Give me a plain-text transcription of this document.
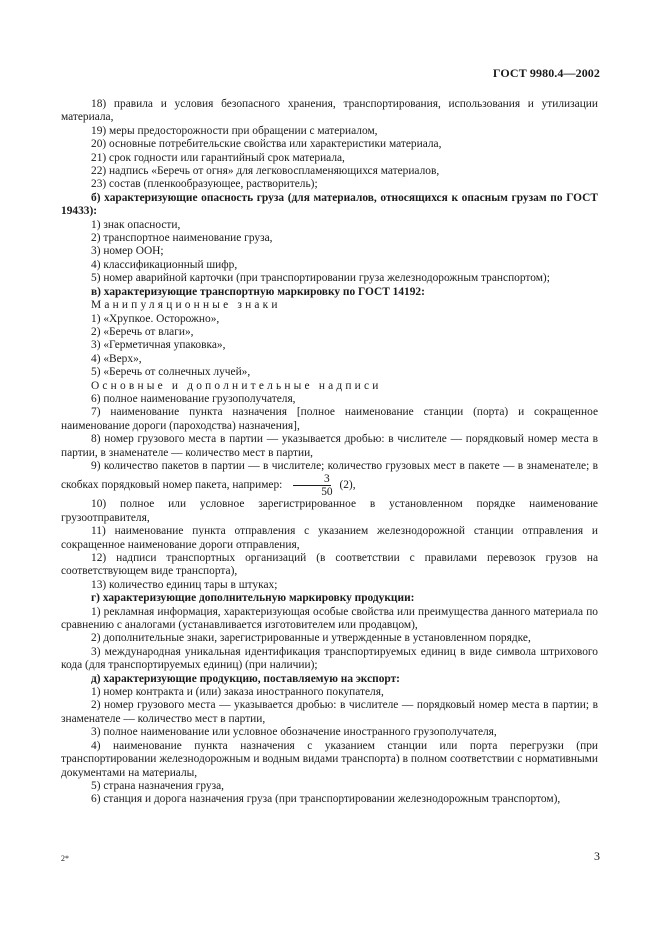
ГОСТ 9980.4—2002

18) правила и условия безопасного хранения, транспортирования, использования и утилизации материала,

19) меры предосторожности при обращении с материалом,

20) основные потребительские свойства или характеристики материала,

21) срок годности или гарантийный срок материала,

22) надпись «Беречь от огня» для легковоспламеняющихся материалов,

23) состав (пленкообразующее, растворитель);

б) характеризующие опасность груза (для материалов, относящихся к опасным грузам по ГОСТ 19433):

1) знак опасности,

2) транспортное наименование груза,

3) номер ООН;

4) классификационный шифр,

5) номер аварийной карточки (при транспортировании груза железнодорожным транспортом);

в) характеризующие транспортную маркировку по ГОСТ 14192:

Манипуляционные знаки

1) «Хрупкое. Осторожно»,

2) «Беречь от влаги»,

3) «Герметичная упаковка»,

4) «Верх»,

5) «Беречь от солнечных лучей»,

Основные и дополнительные надписи

6) полное наименование грузополучателя,

7) наименование пункта назначения [полное наименование станции (порта) и сокращенное наименование дороги (пароходства) назначения],

8) номер грузового места в партии — указывается дробью: в числителе — порядковый номер места в партии, в знаменателе — количество мест в партии,

9) количество пакетов в партии — в числителе; количество грузовых мест в пакете — в знаменателе; в скобках порядковый номер пакета, например: $\frac{3}{50} (2)$,

10) полное или условное зарегистрированное в установленном порядке наименование грузоотправителя,

11) наименование пункта отправления с указанием железнодорожной станции отправления и сокращенное наименование дороги отправления,

12) надписи транспортных организаций (в соответствии с правилами перевозок грузов на соответствующем виде транспорта),

13) количество единиц тары в штуках;

г) характеризующие дополнительную маркировку продукции:

1) рекламная информация, характеризующая особые свойства или преимущества данного материала по сравнению с аналогами (устанавливается изготовителем или продавцом),

2) дополнительные знаки, зарегистрированные и утвержденные в установленном порядке,

3) международная уникальная идентификация транспортируемых единиц в виде символа штрихового кода (для транспортируемых единиц) (при наличии);

д) характеризующие продукцию, поставляемую на экспорт:

1) номер контракта и (или) заказа иностранного покупателя,

2) номер грузового места — указывается дробью: в числителе — порядковый номер места в партии; в знаменателе — количество мест в партии,

3) полное наименование или условное обозначение иностранного грузополучателя,

4) наименование пункта назначения с указанием станции или порта перегрузки (при транспортировании железнодорожным и водным видами транспорта) в полном соответствии с нормативными документами на материалы,

5) страна назначения груза,

6) станция и дорога назначения груза (при транспортировании железнодорожным транспортом),

2*	3
